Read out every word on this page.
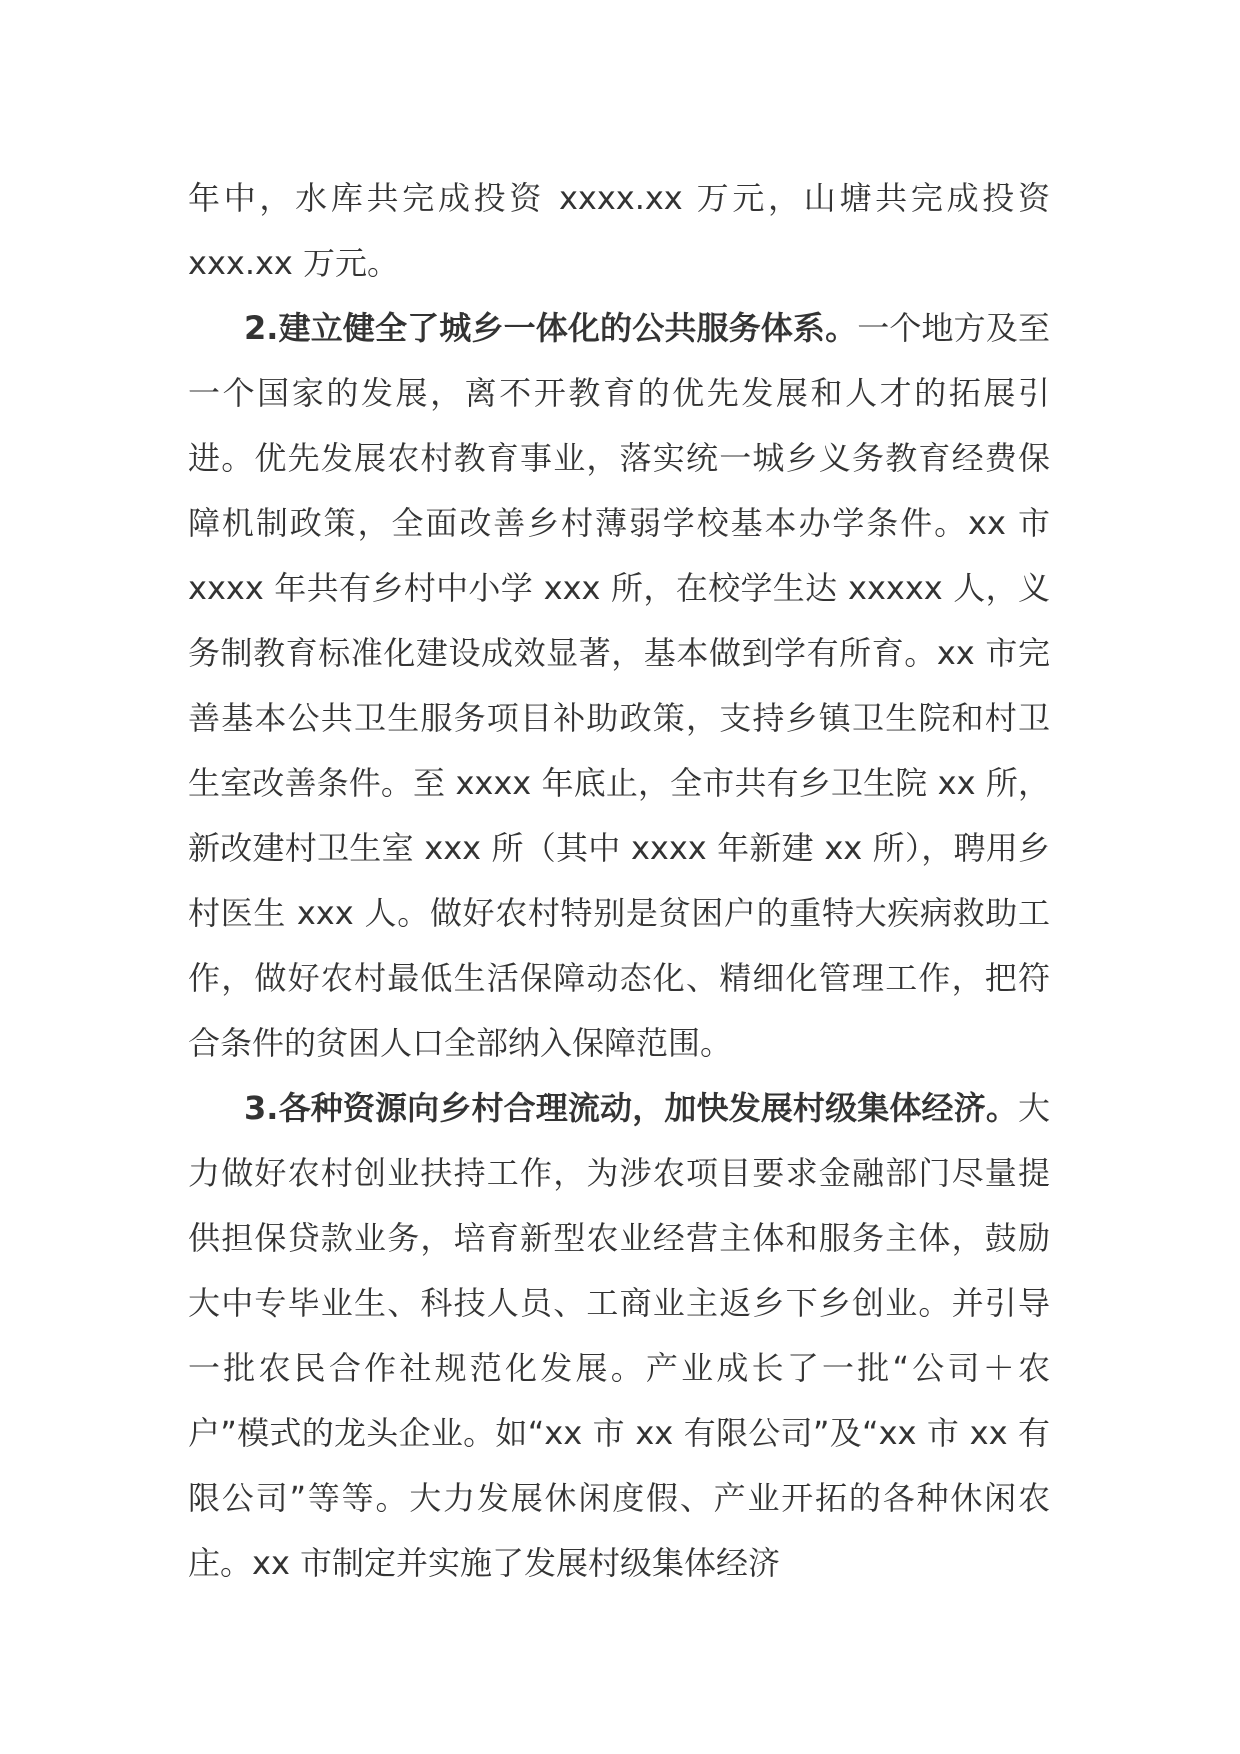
年中，水库共完成投资 xxxx.xx 万元，山塘共完成投资 xxx.xx 万元。

2.建立健全了城乡一体化的公共服务体系。一个地方及至一个国家的发展，离不开教育的优先发展和人才的拓展引进。优先发展农村教育事业，落实统一城乡义务教育经费保障机制政策，全面改善乡村薄弱学校基本办学条件。xx 市 xxxx 年共有乡村中小学 xxx 所，在校学生达 xxxxx 人，义务制教育标准化建设成效显著，基本做到学有所育。xx 市完善基本公共卫生服务项目补助政策，支持乡镇卫生院和村卫生室改善条件。至 xxxx 年底止，全市共有乡卫生院 xx 所，新改建村卫生室 xxx 所（其中 xxxx 年新建 xx 所），聘用乡村医生 xxx 人。做好农村特别是贫困户的重特大疾病救助工作，做好农村最低生活保障动态化、精细化管理工作，把符合条件的贫困人口全部纳入保障范围。

3.各种资源向乡村合理流动，加快发展村级集体经济。大力做好农村创业扶持工作，为涉农项目要求金融部门尽量提供担保贷款业务，培育新型农业经营主体和服务主体，鼓励大中专毕业生、科技人员、工商业主返乡下乡创业。并引导一批农民合作社规范化发展。产业成长了一批“公司＋农户”模式的龙头企业。如“xx 市 xx 有限公司”及“xx 市 xx 有限公司”等等。大力发展休闲度假、产业开拓的各种休闲农庄。xx 市制定并实施了发展村级集体经济
